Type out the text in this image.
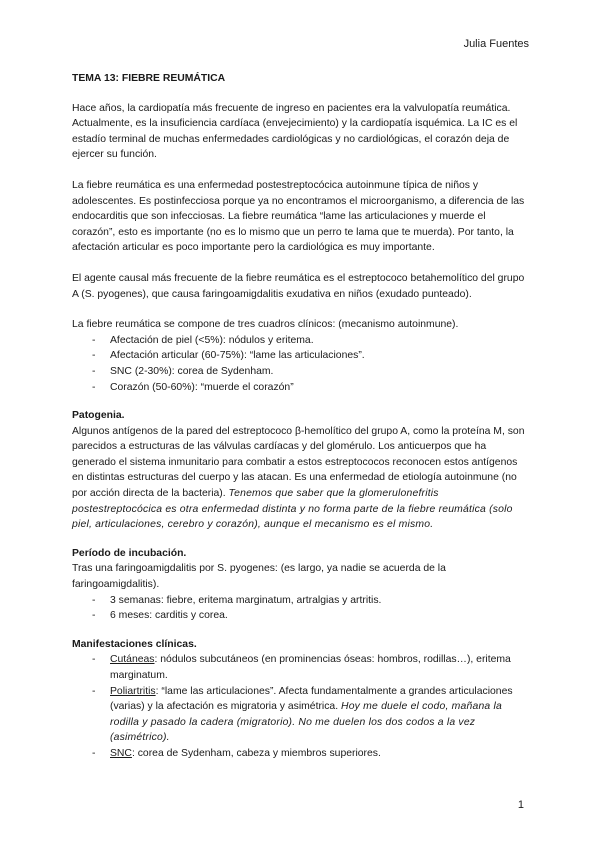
Julia Fuentes
TEMA 13: FIEBRE REUMÁTICA

Hace años, la cardiopatía más frecuente de ingreso en pacientes era la valvulopatía reumática. Actualmente, es la insuficiencia cardíaca (envejecimiento) y la cardiopatía isquémica. La IC es el estadío terminal de muchas enfermedades cardiológicas y no cardiológicas, el corazón deja de ejercer su función.

La fiebre reumática es una enfermedad postestreptocócica autoinmune típica de niños y adolescentes. Es postinfecciosa porque ya no encontramos el microorganismo, a diferencia de las endocarditis que son infecciosas. La fiebre reumática “lame las articulaciones y muerde el corazón”, esto es importante (no es lo mismo que un perro te lama que te muerda). Por tanto, la afectación articular es poco importante pero la cardiológica es muy importante.

El agente causal más frecuente de la fiebre reumática es el estreptococo betahemolítico del grupo A (S. pyogenes), que causa faringoamigdalitis exudativa en niños (exudado punteado).

La fiebre reumática se compone de tres cuadros clínicos: (mecanismo autoinmune).

- Afectación de piel (<5%): nódulos y eritema.
- Afectación articular (60-75%): “lame las articulaciones”.
- SNC (2-30%): corea de Sydenham.
- Corazón (50-60%): “muerde el corazón”
Patogenia.
Algunos antígenos de la pared del estreptococo β-hemolítico del grupo A, como la proteína M, son parecidos a estructuras de las válvulas cardíacas y del glomérulo. Los anticuerpos que ha generado el sistema inmunitario para combatir a estos estreptococos reconocen estos antígenos en distintas estructuras del cuerpo y las atacan. Es una enfermedad de etiología autoinmune (no por acción directa de la bacteria). Tenemos que saber que la glomerulonefritis postestreptocócica es otra enfermedad distinta y no forma parte de la fiebre reumática (solo piel, articulaciones, cerebro y corazón), aunque el mecanismo es el mismo.
Período de incubación.
Tras una faringoamigdalitis por S. pyogenes: (es largo, ya nadie se acuerda de la faringoamigdalitis).
- 3 semanas: fiebre, eritema marginatum, artralgias y artritis.
- 6 meses: carditis y corea.
Manifestaciones clínicas.
- Cutáneas: nódulos subcutáneos (en prominencias óseas: hombros, rodillas…), eritema marginatum.
- Poliartritis: “lame las articulaciones”. Afecta fundamentalmente a grandes articulaciones (varias) y la afectación es migratoria y asimétrica. Hoy me duele el codo, mañana la rodilla y pasado la cadera (migratorio). No me duelen los dos codos a la vez (asimétrico).
- SNC: corea de Sydenham, cabeza y miembros superiores.
1
